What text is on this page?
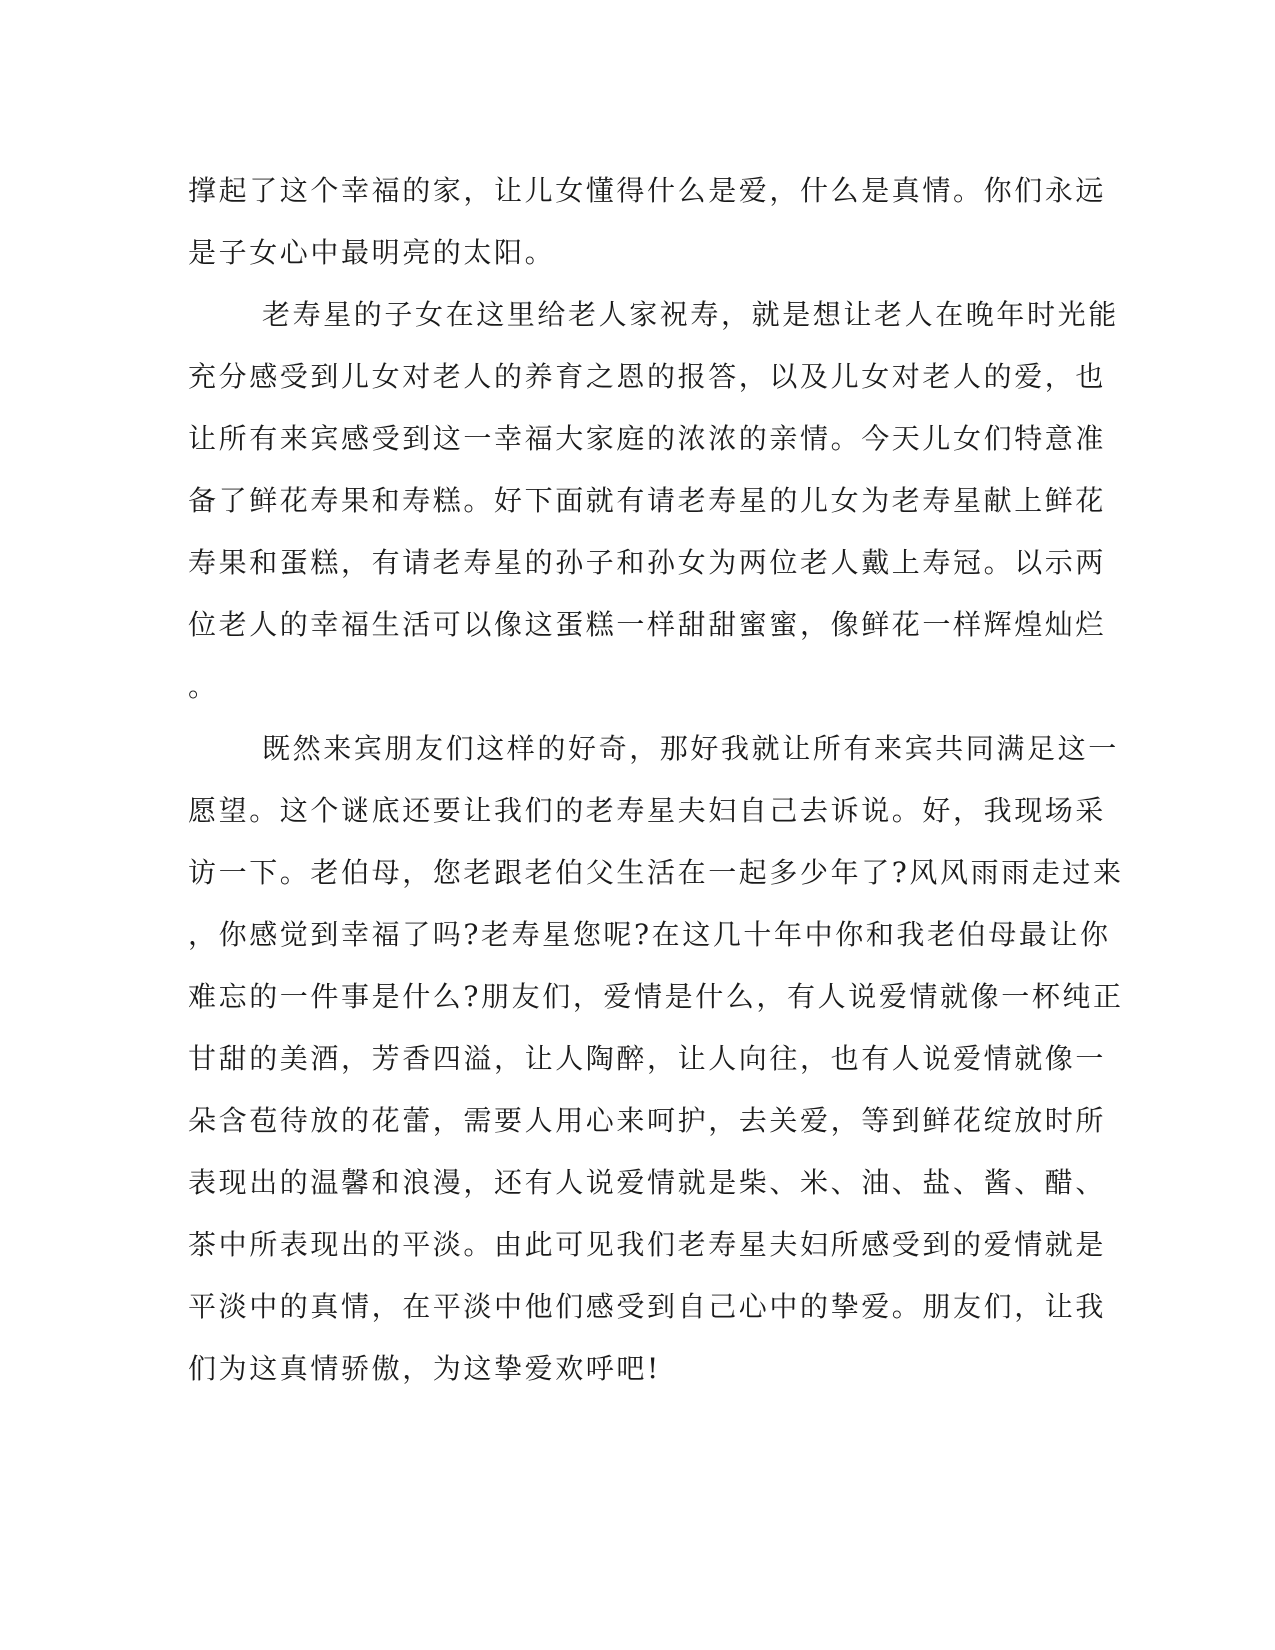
撑起了这个幸福的家，让儿女懂得什么是爱，什么是真情。你们永远
是子女心中最明亮的太阳。
老寿星的子女在这里给老人家祝寿，就是想让老人在晚年时光能
充分感受到儿女对老人的养育之恩的报答，以及儿女对老人的爱，也
让所有来宾感受到这一幸福大家庭的浓浓的亲情。今天儿女们特意准
备了鲜花寿果和寿糕。好下面就有请老寿星的儿女为老寿星献上鲜花
寿果和蛋糕，有请老寿星的孙子和孙女为两位老人戴上寿冠。以示两
位老人的幸福生活可以像这蛋糕一样甜甜蜜蜜，像鲜花一样辉煌灿烂
。
既然来宾朋友们这样的好奇，那好我就让所有来宾共同满足这一
愿望。这个谜底还要让我们的老寿星夫妇自己去诉说。好，我现场采
访一下。老伯母，您老跟老伯父生活在一起多少年了?风风雨雨走过来
，你感觉到幸福了吗?老寿星您呢?在这几十年中你和我老伯母最让你
难忘的一件事是什么?朋友们，爱情是什么，有人说爱情就像一杯纯正
甘甜的美酒，芳香四溢，让人陶醉，让人向往，也有人说爱情就像一
朵含苞待放的花蕾，需要人用心来呵护，去关爱，等到鲜花绽放时所
表现出的温馨和浪漫，还有人说爱情就是柴、米、油、盐、酱、醋、
茶中所表现出的平淡。由此可见我们老寿星夫妇所感受到的爱情就是
平淡中的真情，在平淡中他们感受到自己心中的挚爱。朋友们，让我
们为这真情骄傲，为这挚爱欢呼吧!
